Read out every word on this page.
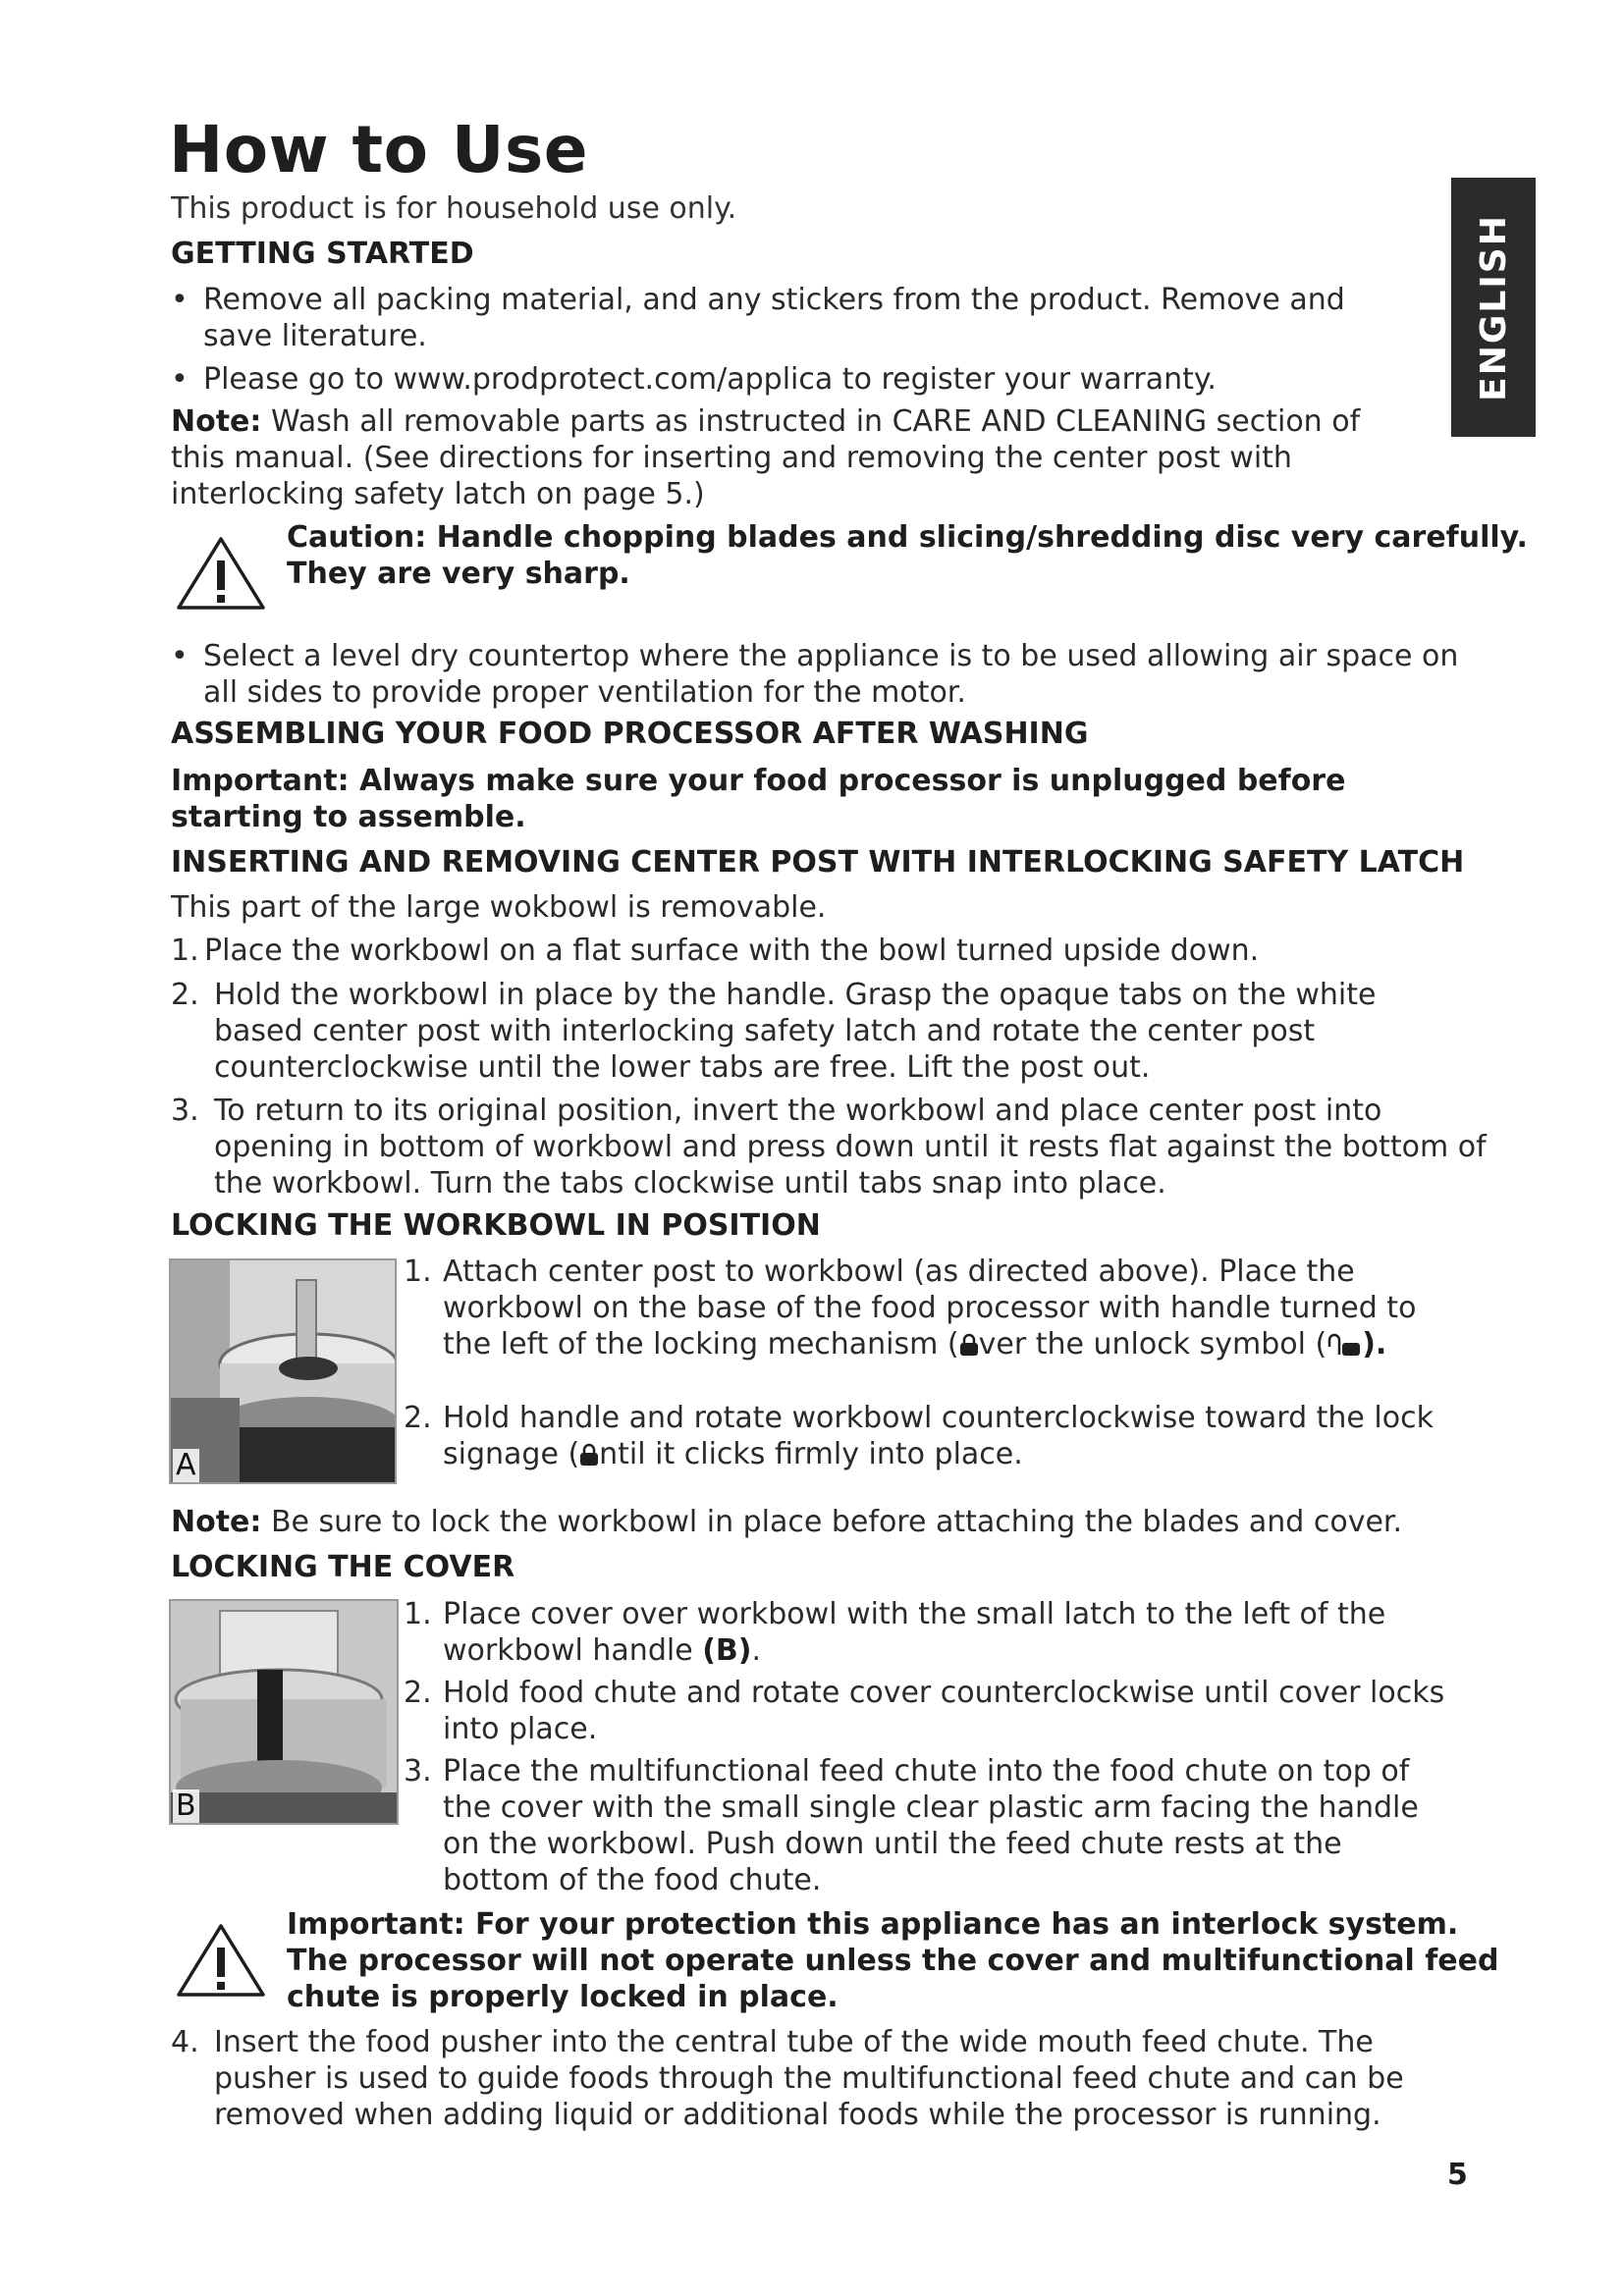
ENGLISH
How to Use
This product is for household use only.
GETTING STARTED
• Remove all packing material, and any stickers from the product. Remove and save literature.
• Please go to www.prodprotect.com/applica to register your warranty.
Note: Wash all removable parts as instructed in CARE AND CLEANING section of this manual. (See directions for inserting and removing the center post with interlocking safety latch on page 5.)
Caution: Handle chopping blades and slicing/shredding disc very carefully.
They are very sharp.
• Select a level dry countertop where the appliance is to be used allowing air space on all sides to provide proper ventilation for the motor.
ASSEMBLING YOUR FOOD PROCESSOR AFTER WASHING
Important: Always make sure your food processor is unplugged before starting to assemble.
INSERTING AND REMOVING CENTER POST WITH INTERLOCKING SAFETY LATCH
This part of the large wokbowl is removable.
1. Place the workbowl on a flat surface with the bowl turned upside down.
2. Hold the workbowl in place by the handle. Grasp the opaque tabs on the white based center post with interlocking safety latch and rotate the center post counterclockwise until the lower tabs are free. Lift the post out.
3. To return to its original position, invert the workbowl and place center post into opening in bottom of workbowl and press down until it rests flat against the bottom of the workbowl. Turn the tabs clockwise until tabs snap into place.
LOCKING THE WORKBOWL IN POSITION
A
1. Attach center post to workbowl (as directed above). Place the workbowl on the base of the food processor with handle turned to the left of the locking mechanism ( ver the unlock symbol ( ).
2. Hold handle and rotate workbowl counterclockwise toward the lock signage ( ntil it clicks firmly into place.
Note: Be sure to lock the workbowl in place before attaching the blades and cover.
LOCKING THE COVER
B
1. Place cover over workbowl with the small latch to the left of the workbowl handle (B).
2. Hold food chute and rotate cover counterclockwise until cover locks into place.
3. Place the multifunctional feed chute into the food chute on top of the cover with the small single clear plastic arm facing the handle on the workbowl. Push down until the feed chute rests at the bottom of the food chute.
Important: For your protection this appliance has an interlock system.
The processor will not operate unless the cover and multifunctional feed
chute is properly locked in place.
4. Insert the food pusher into the central tube of the wide mouth feed chute. The pusher is used to guide foods through the multifunctional feed chute and can be removed when adding liquid or additional foods while the processor is running.
5
